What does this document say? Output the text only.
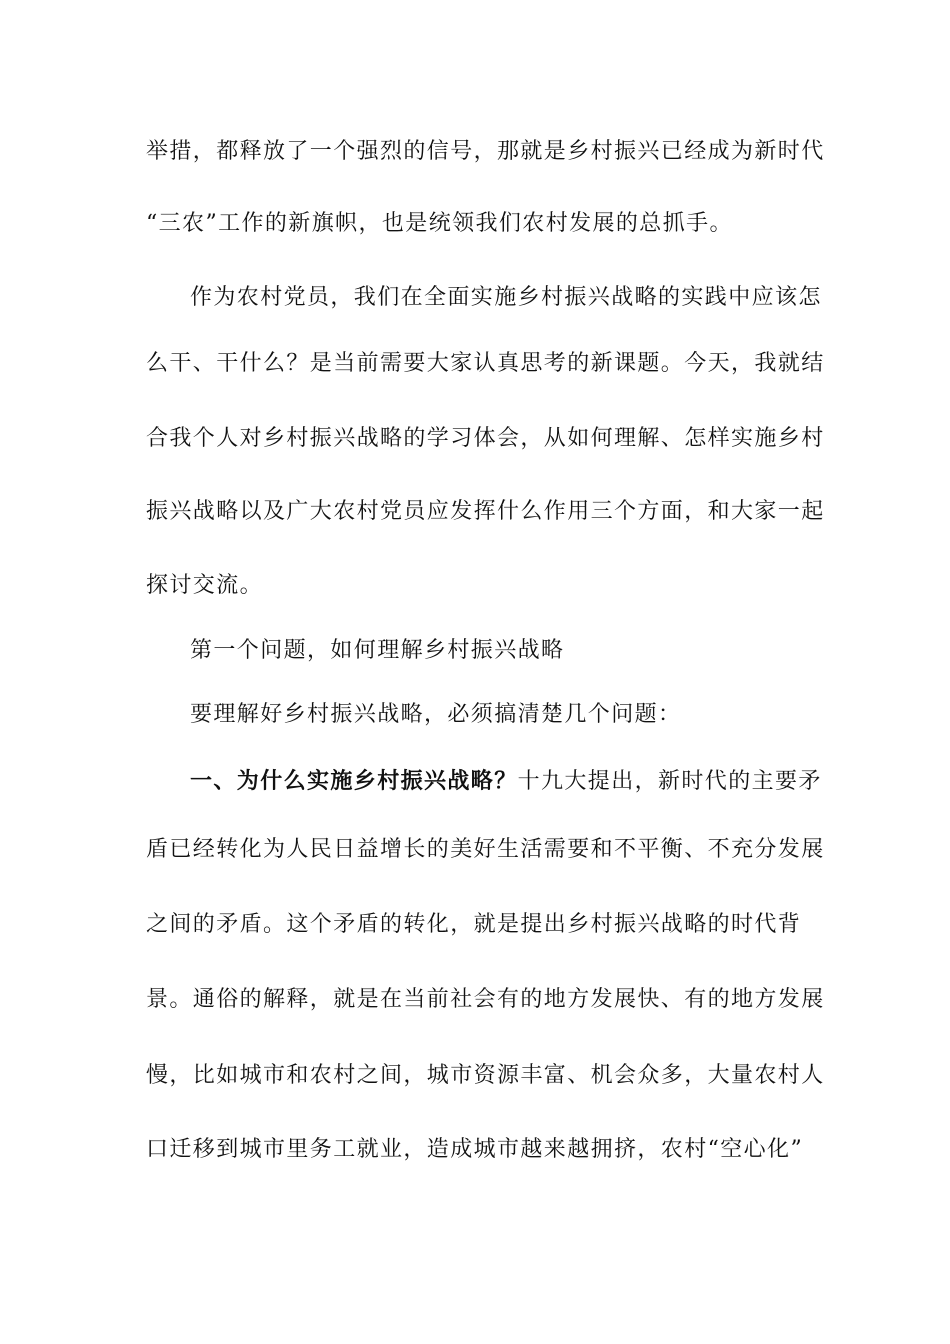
举措，都释放了一个强烈的信号，那就是乡村振兴已经成为新时代
“三农”工作的新旗帜，也是统领我们农村发展的总抓手。
作为农村党员，我们在全面实施乡村振兴战略的实践中应该怎
么干、干什么？是当前需要大家认真思考的新课题。今天，我就结
合我个人对乡村振兴战略的学习体会，从如何理解、怎样实施乡村
振兴战略以及广大农村党员应发挥什么作用三个方面，和大家一起
探讨交流。
第一个问题，如何理解乡村振兴战略
要理解好乡村振兴战略，必须搞清楚几个问题：
一、为什么实施乡村振兴战略？十九大提出，新时代的主要矛
盾已经转化为人民日益增长的美好生活需要和不平衡、不充分发展
之间的矛盾。这个矛盾的转化，就是提出乡村振兴战略的时代背
景。通俗的解释，就是在当前社会有的地方发展快、有的地方发展
慢，比如城市和农村之间，城市资源丰富、机会众多，大量农村人
口迁移到城市里务工就业，造成城市越来越拥挤，农村“空心化”
